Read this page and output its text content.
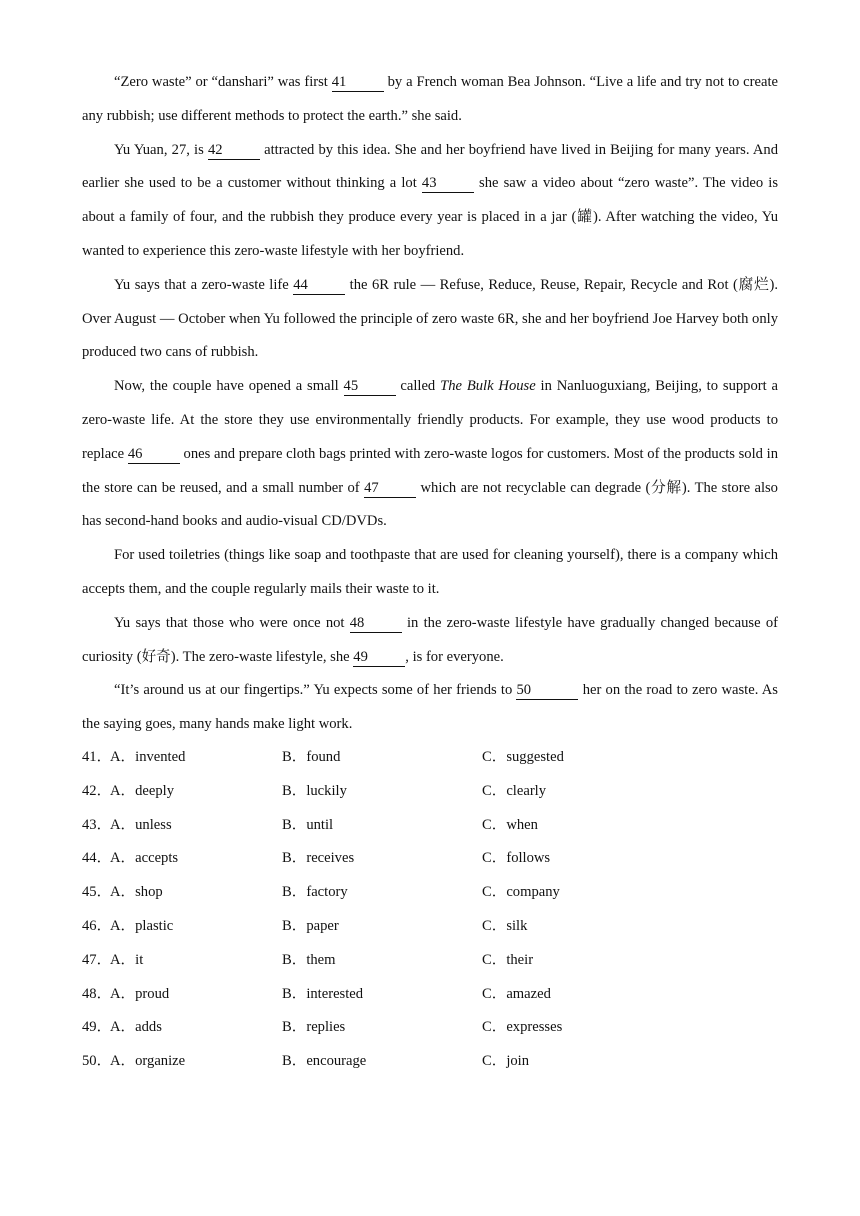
“Zero waste” or “danshari” was first 41	by a French woman Bea Johnson. “Live a life and try not to create any rubbish; use different methods to protect the earth.” she said.

Yu Yuan, 27, is 42	attracted by this idea. She and her boyfriend have lived in Beijing for many years. And earlier she used to be a customer without thinking a lot 43	she saw a video about “zero waste”. The video is about a family of four, and the rubbish they produce every year is placed in a jar (罐). After watching the video, Yu wanted to experience this zero-waste lifestyle with her boyfriend.

Yu says that a zero-waste life 44	the 6R rule — Refuse, Reduce, Reuse, Repair, Recycle and Rot (腐烂). Over August — October when Yu followed the principle of zero waste 6R, she and her boyfriend Joe Harvey both only produced two cans of rubbish.

Now, the couple have opened a small 45	called The Bulk House in Nanluoguxiang, Beijing, to support a zero-waste life. At the store they use environmentally friendly products. For example, they use wood products to replace 46	ones and prepare cloth bags printed with zero-waste logos for customers. Most of the products sold in the store can be reused, and a small number of 47	which are not recyclable can degrade (分解). The store also has second-hand books and audio-visual CD/DVDs.

For used toiletries (things like soap and toothpaste that are used for cleaning yourself), there is a company which accepts them, and the couple regularly mails their waste to it.

Yu says that those who were once not 48	in the zero-waste lifestyle have gradually changed because of curiosity (好奇). The zero-waste lifestyle, she 49	, is for everyone.

“It’s around us at our fingertips.” Yu expects some of her friends to 50	her on the road to zero waste. As the saying goes, many hands make light work.

41．
A．invented	B．found	C．suggested
42．
A．deeply	B．luckily	C．clearly
43．
A．unless	B．until	C．when
44．
A．accepts	B．receives	C．follows
45．
A．shop	B．factory	C．company
46．
A．plastic	B．paper	C．silk
47．
A．it	B．them	C．their
48．
A．proud	B．interested	C．amazed
49．
A．adds	B．replies	C．expresses
50．
A．organize	B．encourage	C．join
